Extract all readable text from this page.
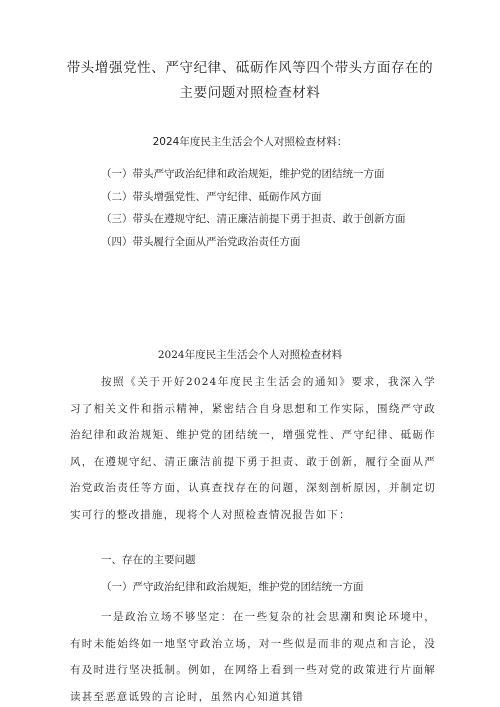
带头增强党性、严守纪律、砥砺作风等四个带头方面存在的主要问题对照检查材料
2024年度民主生活会个人对照检查材料：
（一）带头严守政治纪律和政治规矩，维护党的团结统一方面
（二）带头增强党性、严守纪律、砥砺作风方面
（三）带头在遵规守纪、清正廉洁前提下勇于担责、敢于创新方面
（四）带头履行全面从严治党政治责任方面
2024年度民主生活会个人对照检查材料
按照《关于开好2024年度民主生活会的通知》要求，我深入学习了相关文件和指示精神，紧密结合自身思想和工作实际，围绕严守政治纪律和政治规矩、维护党的团结统一，增强党性、严守纪律、砥砺作风，在遵规守纪、清正廉洁前提下勇于担责、敢于创新，履行全面从严治党政治责任等方面，认真查找存在的问题，深刻剖析原因，并制定切实可行的整改措施，现将个人对照检查情况报告如下：
一、存在的主要问题
（一）严守政治纪律和政治规矩，维护党的团结统一方面
一是政治立场不够坚定：在一些复杂的社会思潮和舆论环境中，有时未能始终如一地坚守政治立场，对一些似是而非的观点和言论，没有及时进行坚决抵制。例如，在网络上看到一些对党的政策进行片面解读甚至恶意诋毁的言论时，虽然内心知道其错
